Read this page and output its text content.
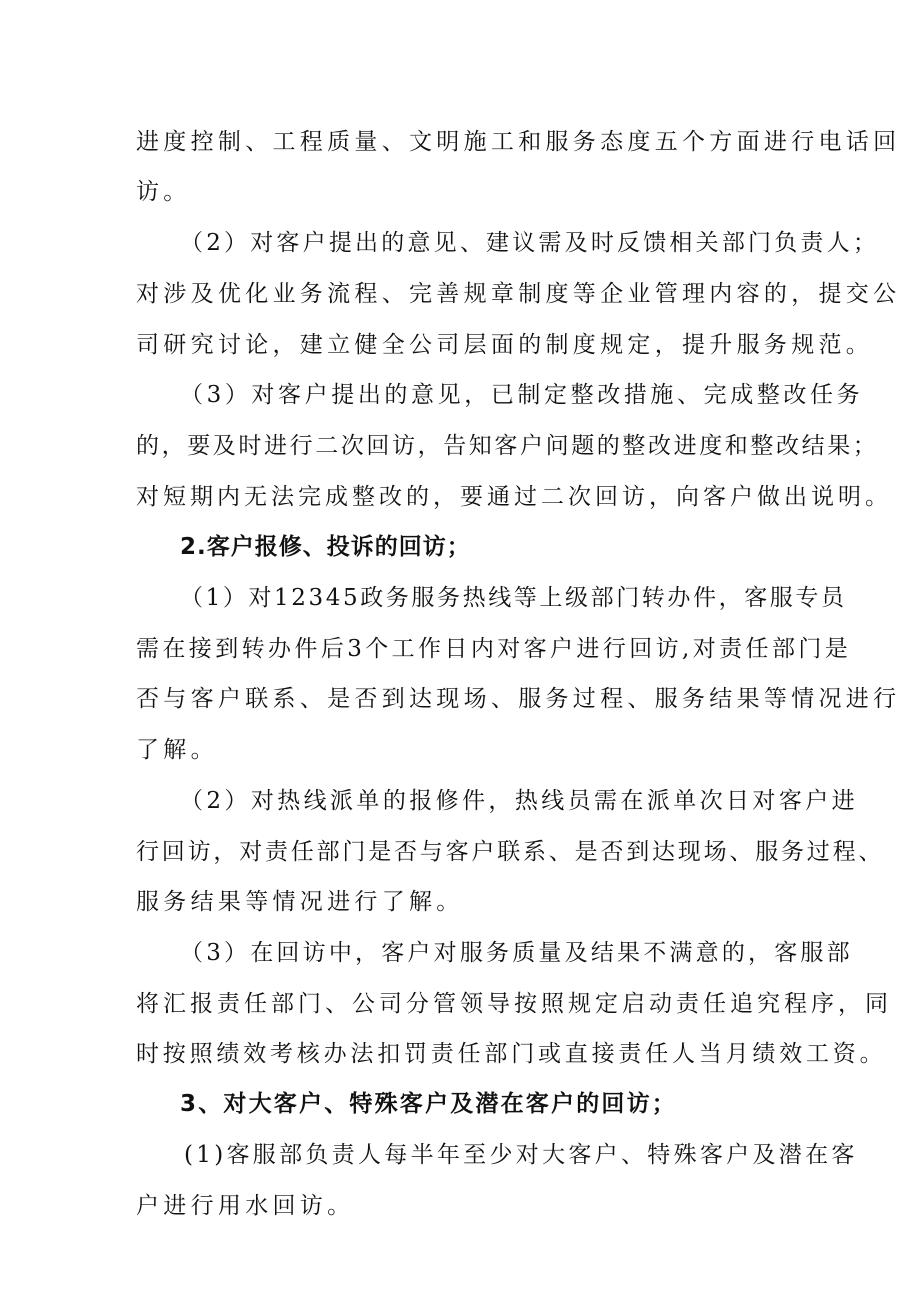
进度控制、工程质量、文明施工和服务态度五个方面进行电话回
访。
（2）对客户提出的意见、建议需及时反馈相关部门负责人；
对涉及优化业务流程、完善规章制度等企业管理内容的，提交公
司研究讨论，建立健全公司层面的制度规定，提升服务规范。
（3）对客户提出的意见，已制定整改措施、完成整改任务
的，要及时进行二次回访，告知客户问题的整改进度和整改结果；
对短期内无法完成整改的，要通过二次回访，向客户做出说明。
2.客户报修、投诉的回访；
（1）对12345政务服务热线等上级部门转办件，客服专员
需在接到转办件后3个工作日内对客户进行回访,对责任部门是
否与客户联系、是否到达现场、服务过程、服务结果等情况进行
了解。
（2）对热线派单的报修件，热线员需在派单次日对客户进
行回访，对责任部门是否与客户联系、是否到达现场、服务过程、
服务结果等情况进行了解。
（3）在回访中，客户对服务质量及结果不满意的，客服部
将汇报责任部门、公司分管领导按照规定启动责任追究程序，同
时按照绩效考核办法扣罚责任部门或直接责任人当月绩效工资。
3、对大客户、特殊客户及潜在客户的回访；
(1)客服部负责人每半年至少对大客户、特殊客户及潜在客
户进行用水回访。
